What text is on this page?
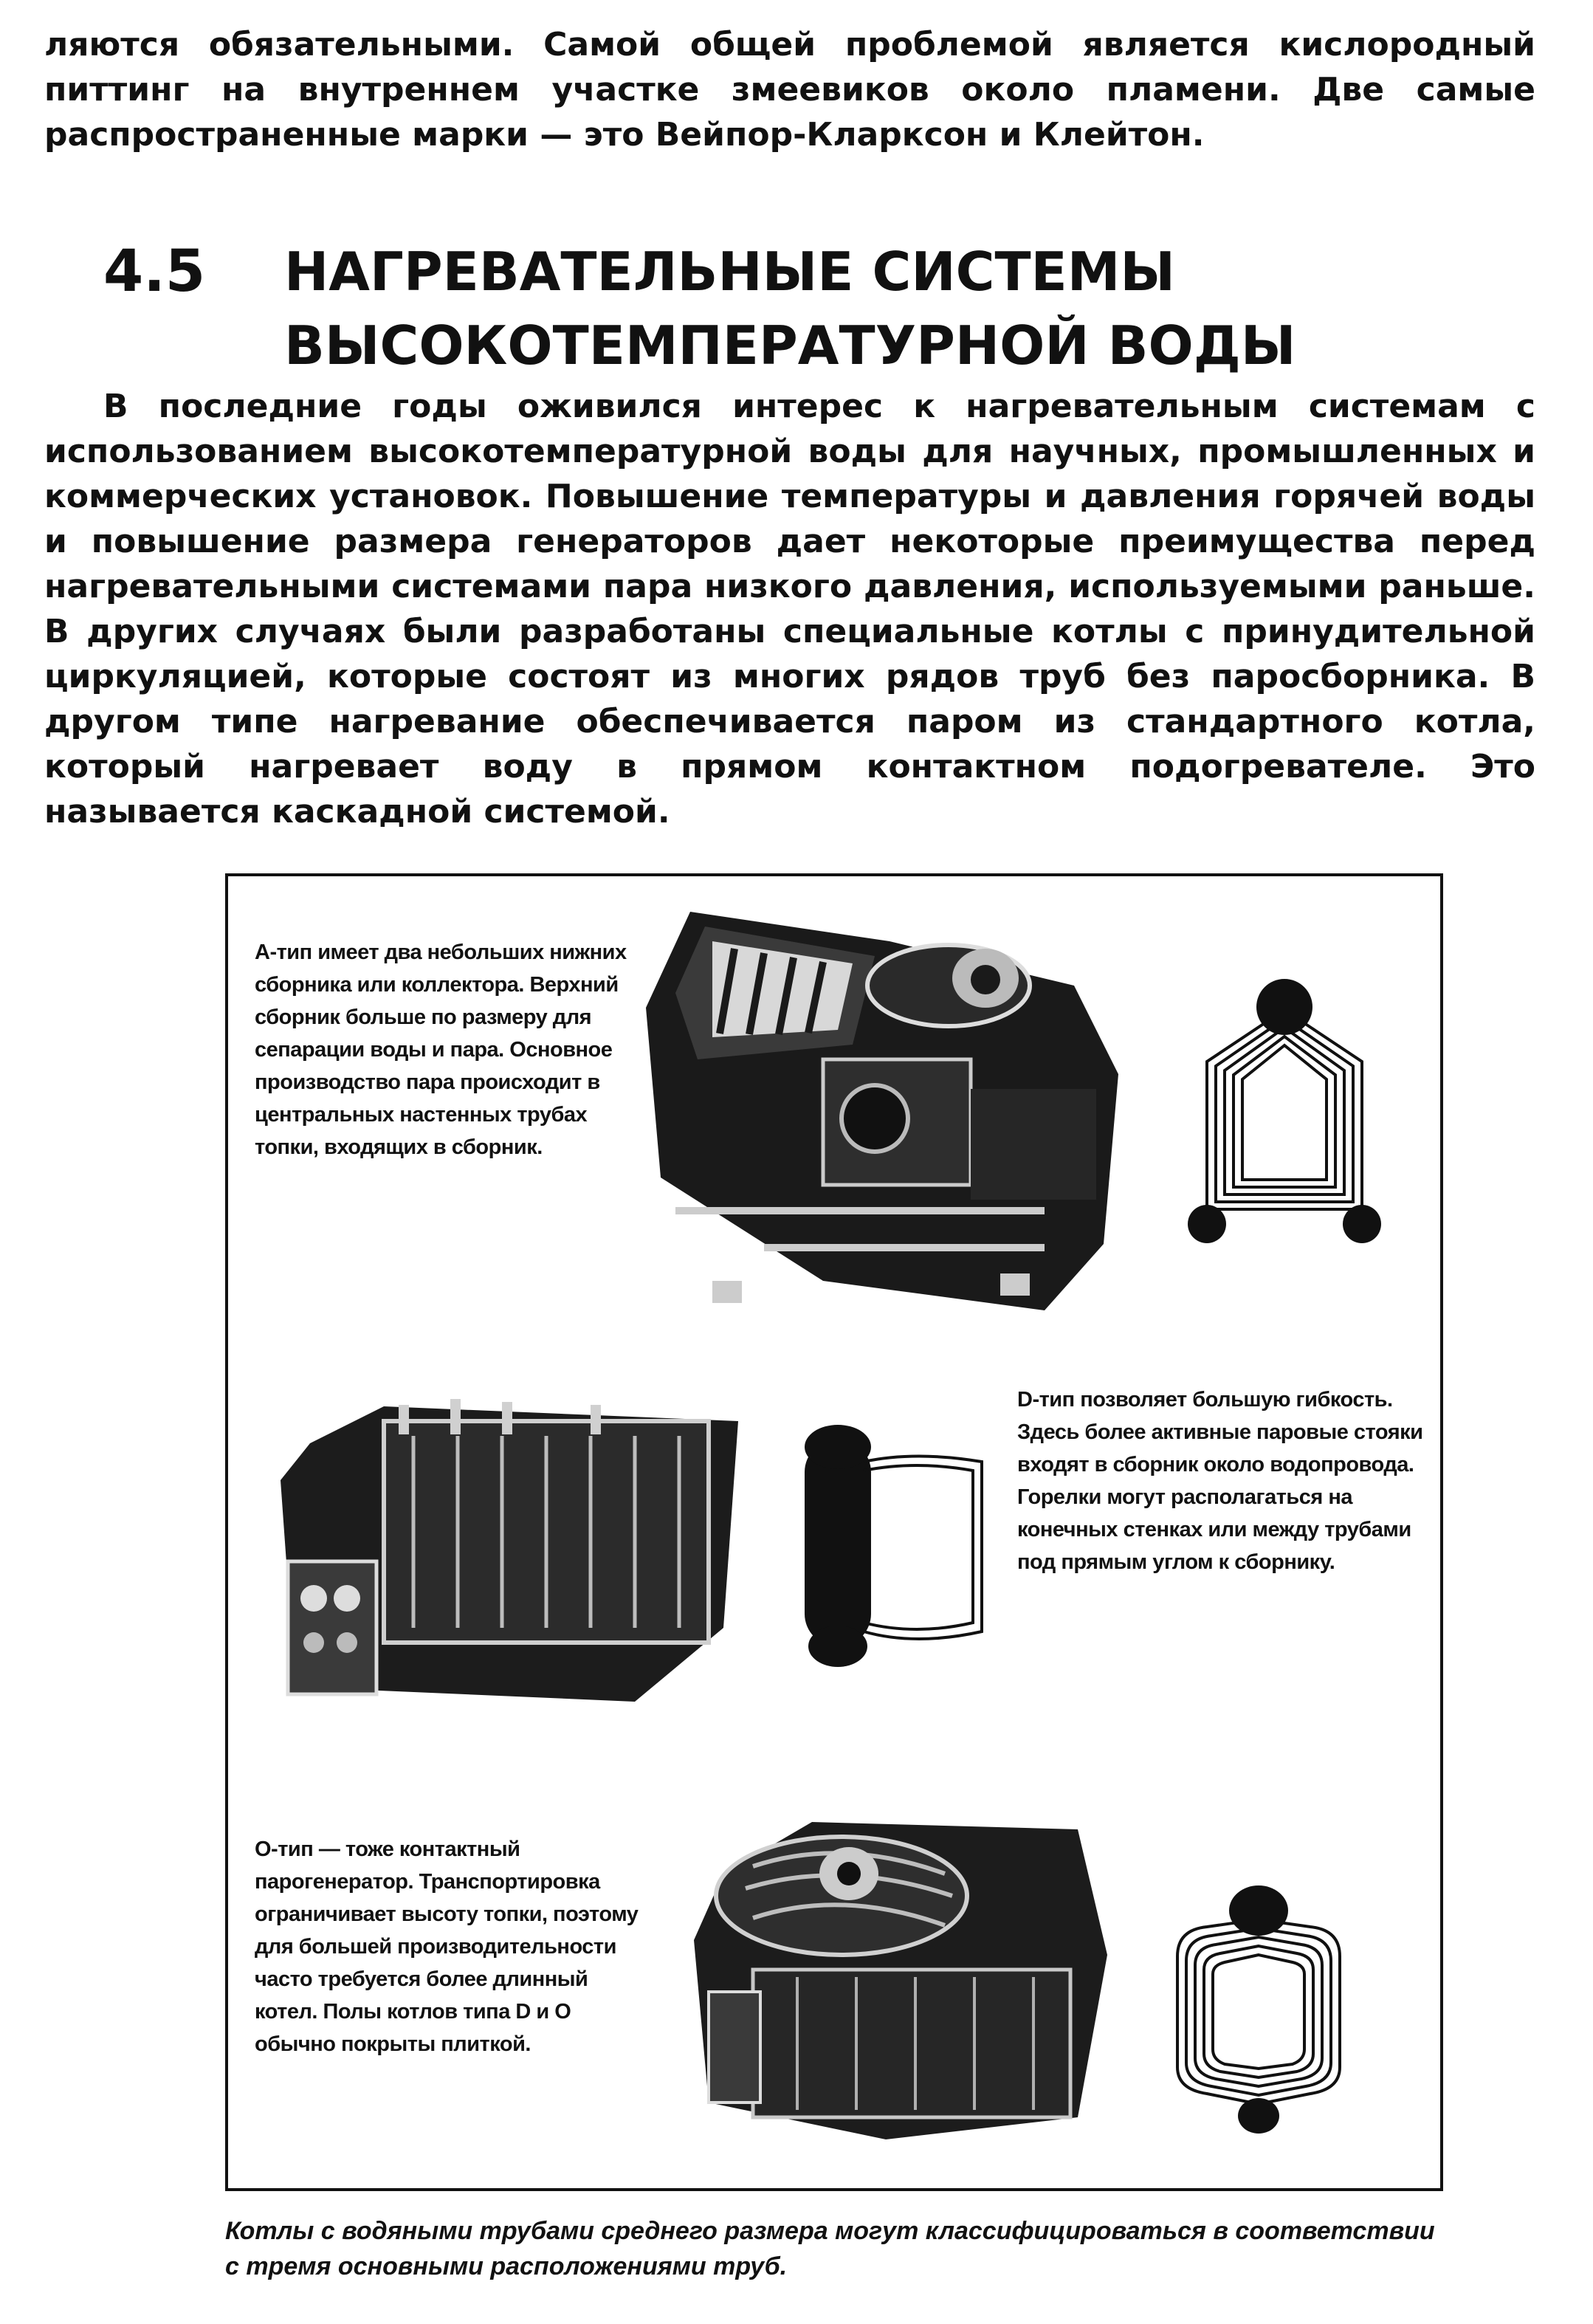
ляются обязательными. Самой общей проблемой является кислородный питтинг на внутреннем участке змеевиков около пламени. Две самые распространенные марки — это Вейпор-Кларксон и Клейтон.
4.5 НАГРЕВАТЕЛЬНЫЕ СИСТЕМЫ
ВЫСОКОТЕМПЕРАТУРНОЙ ВОДЫ
В последние годы оживился интерес к нагревательным системам с использованием высокотемпературной воды для научных, промышленных и коммерческих установок. Повышение температуры и давления горячей воды и повышение размера генераторов дает некоторые преимущества перед нагревательными системами пара низкого давления, используемыми раньше. В других случаях были разработаны специальные котлы с принудительной циркуляцией, которые состоят из многих рядов труб без паросборника. В другом типе нагревание обеспечивается паром из стандартного котла, который нагревает воду в прямом контактном подогревателе. Это называется каскадной системой.
А-тип имеет два небольших нижних сборника или коллектора. Верхний сборник больше по размеру для сепарации воды и пара. Основное производство пара происходит в центральных настенных трубах топки, входящих в сборник.
D-тип позволяет большую гибкость. Здесь более активные паровые стояки входят в сборник около водопровода. Горелки могут располагаться на конечных стенках или между трубами под прямым углом к сборнику.
О-тип — тоже контактный парогенератор. Транспортировка ограничивает высоту топки, поэтому для большей производительности часто требуется более длинный котел. Полы котлов типа D и O обычно покрыты плиткой.
Котлы с водяными трубами среднего размера могут классифицироваться в соответствии с тремя основными расположениями труб.
